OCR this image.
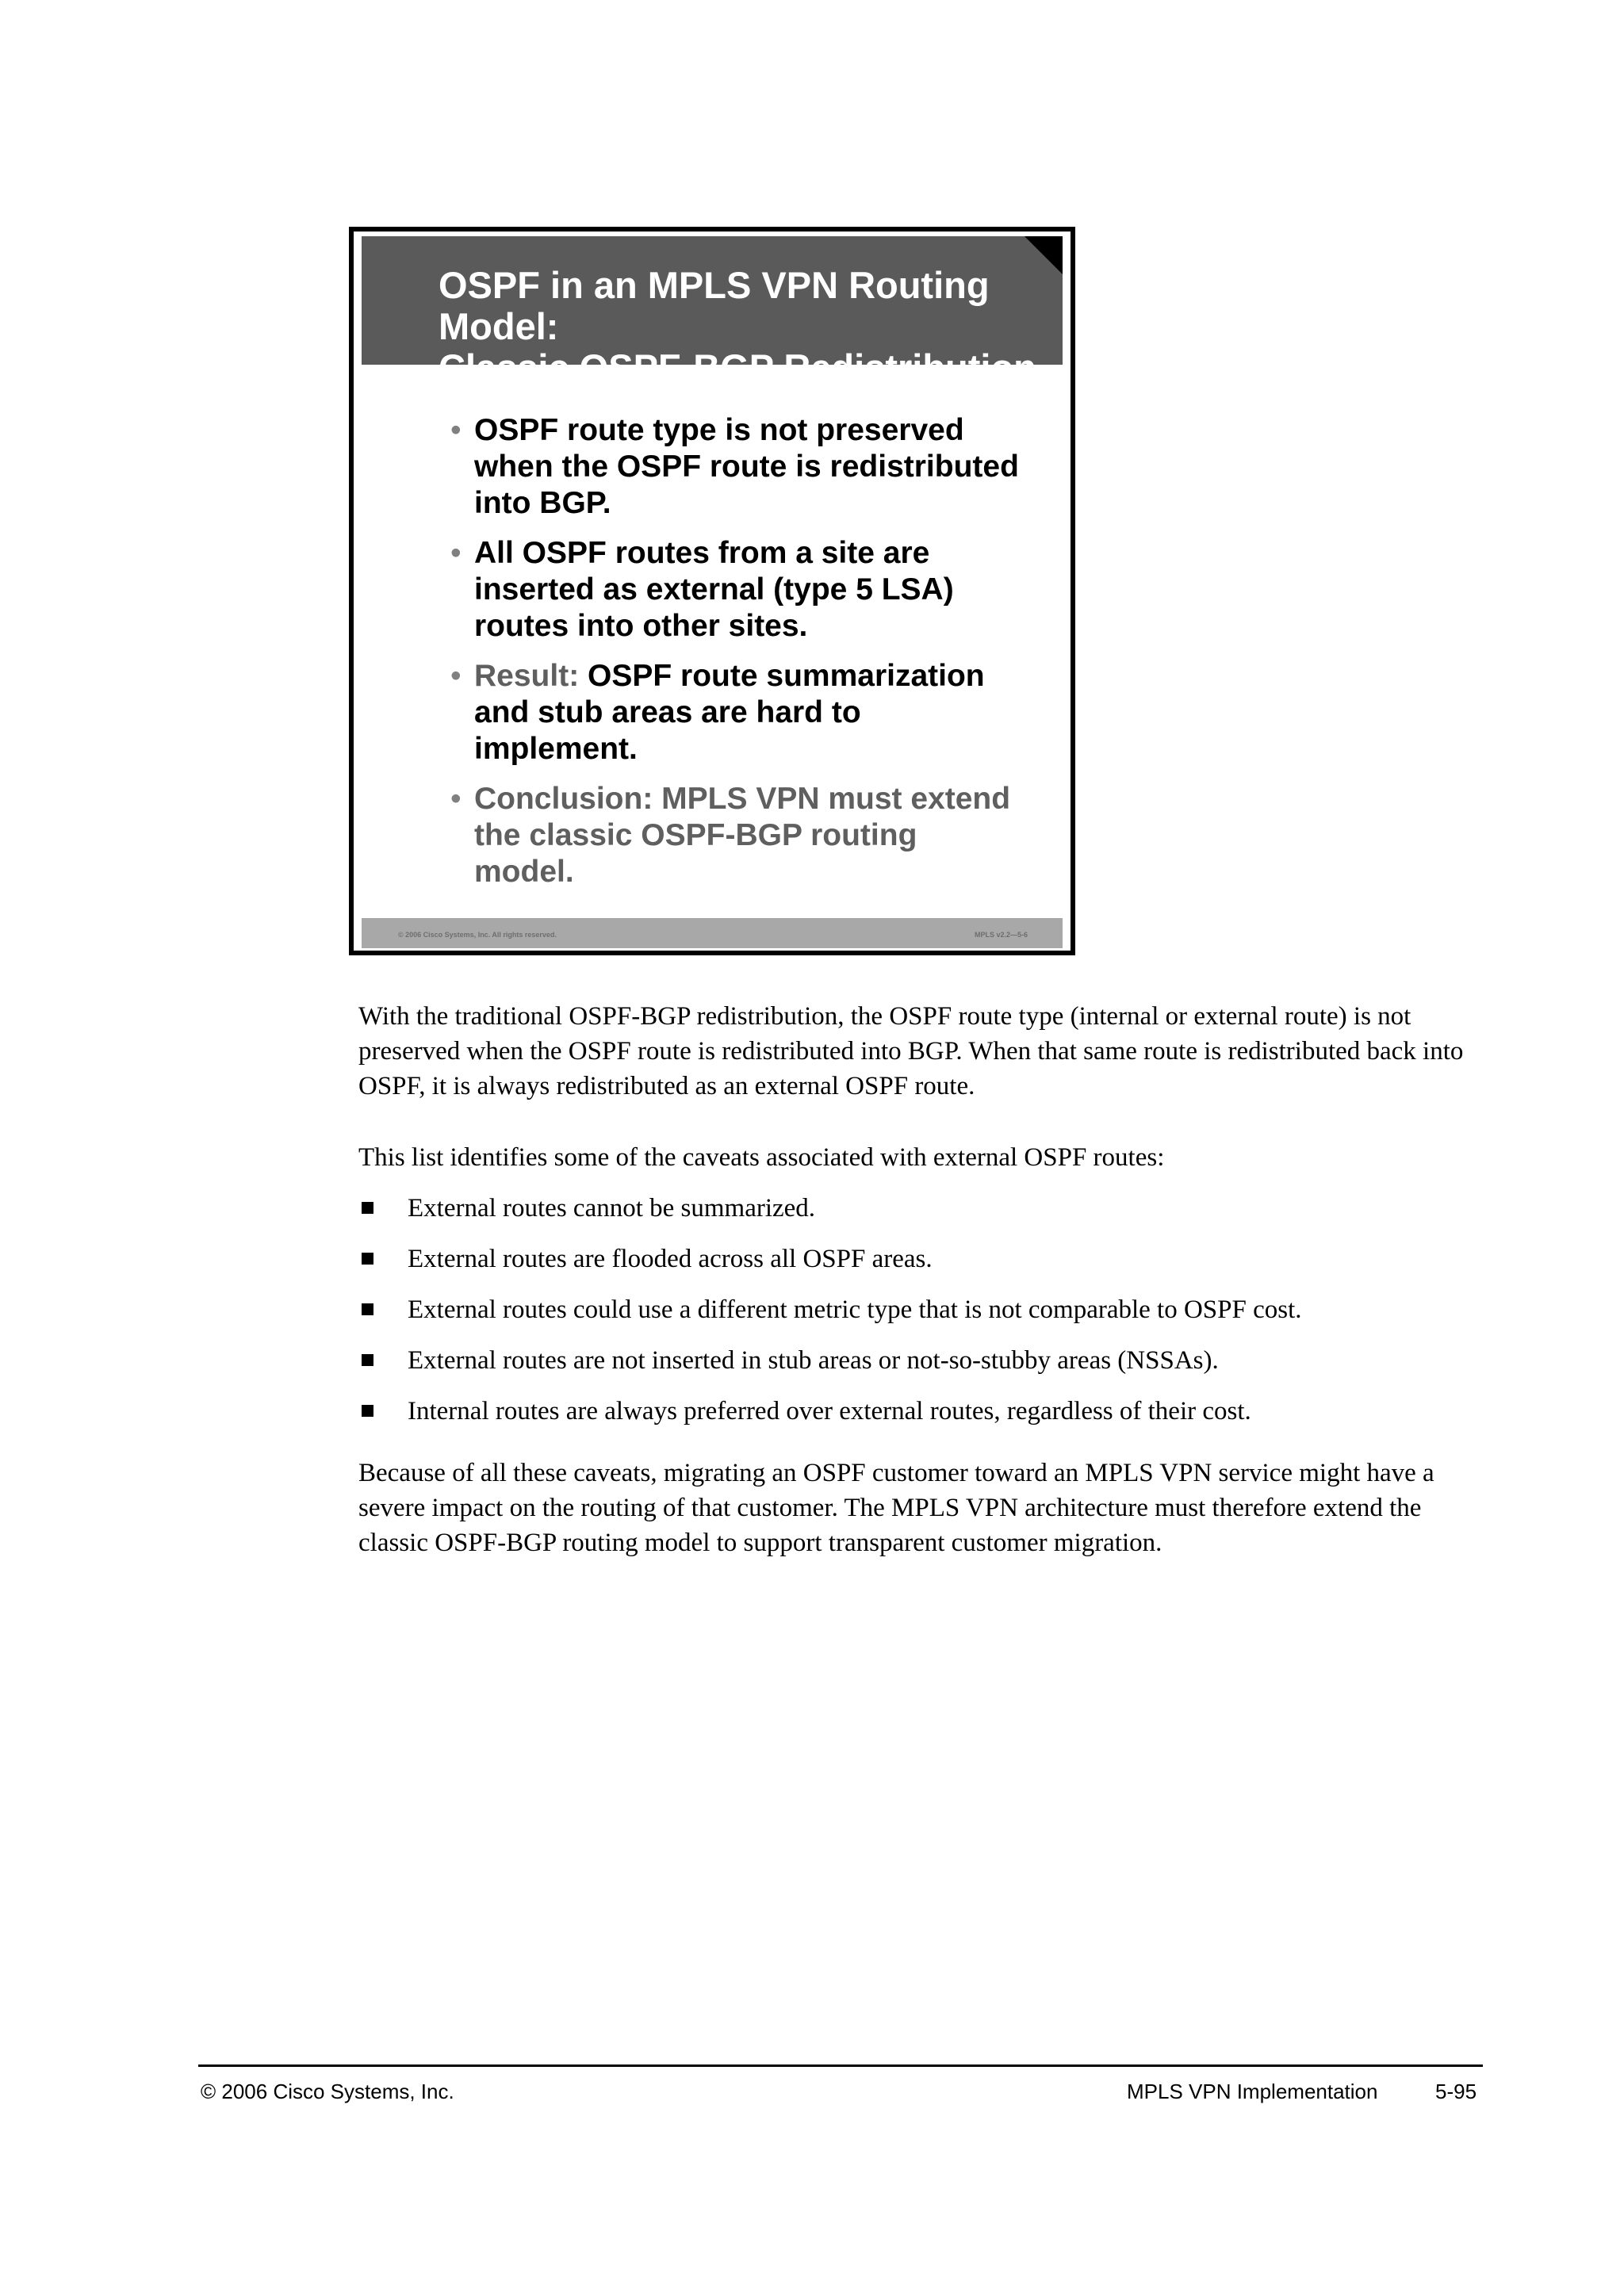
OSPF in an MPLS VPN Routing Model:
Classic OSPF-BGP Redistribution
• OSPF route type is not preserved when the OSPF route is redistributed into BGP.
• All OSPF routes from a site are inserted as external (type 5 LSA) routes into other sites.
• Result: OSPF route summarization and stub areas are hard to implement.
• Conclusion: MPLS VPN must extend the classic OSPF-BGP routing model.
© 2006 Cisco Systems, Inc. All rights reserved.	MPLS v2.2—5-6

With the traditional OSPF-BGP redistribution, the OSPF route type (internal or external route) is not preserved when the OSPF route is redistributed into BGP. When that same route is redistributed back into OSPF, it is always redistributed as an external OSPF route.

This list identifies some of the caveats associated with external OSPF routes:

External routes cannot be summarized.
External routes are flooded across all OSPF areas.
External routes could use a different metric type that is not comparable to OSPF cost.
External routes are not inserted in stub areas or not-so-stubby areas (NSSAs).
Internal routes are always preferred over external routes, regardless of their cost.

Because of all these caveats, migrating an OSPF customer toward an MPLS VPN service might have a severe impact on the routing of that customer. The MPLS VPN architecture must therefore extend the classic OSPF-BGP routing model to support transparent customer migration.

© 2006 Cisco Systems, Inc.	MPLS VPN Implementation	5-95
